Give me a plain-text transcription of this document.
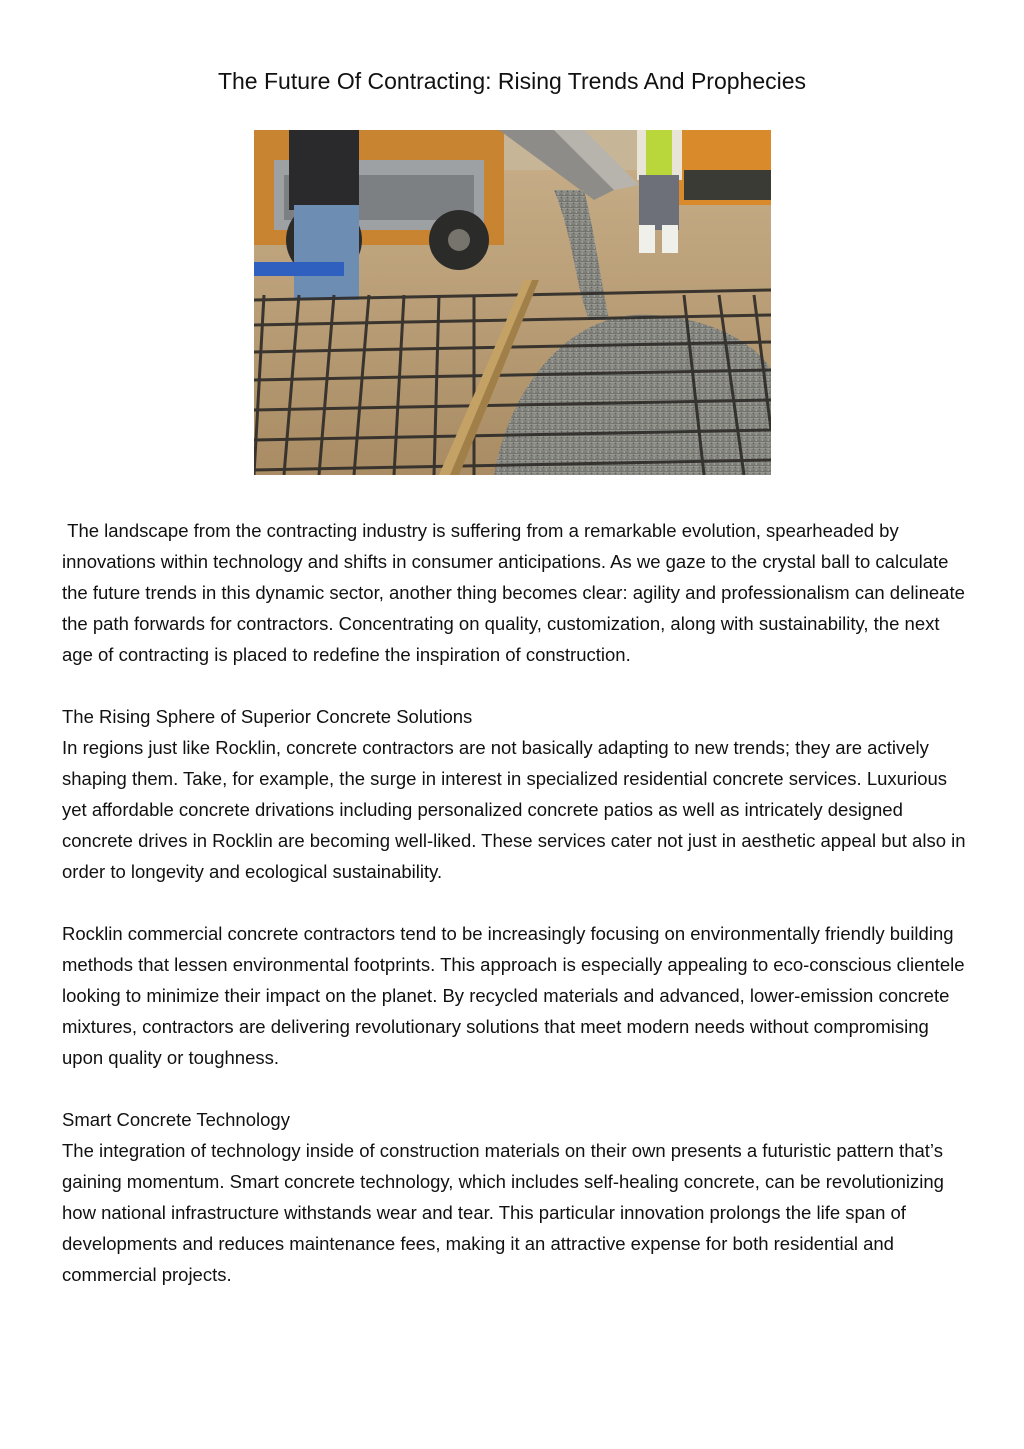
The Future Of Contracting: Rising Trends And Prophecies

The landscape from the contracting industry is suffering from a remarkable evolution, spearheaded by innovations within technology and shifts in consumer anticipations. As we gaze to the crystal ball to calculate the future trends in this dynamic sector, another thing becomes clear: agility and professionalism can delineate the path forwards for contractors. Concentrating on quality, customization, along with sustainability, the next age of contracting is placed to redefine the inspiration of construction.

The Rising Sphere of Superior Concrete Solutions
In regions just like Rocklin, concrete contractors are not basically adapting to new trends; they are actively shaping them. Take, for example, the surge in interest in specialized residential concrete services. Luxurious yet affordable concrete drivations including personalized concrete patios as well as intricately designed concrete drives in Rocklin are becoming well-liked. These services cater not just in aesthetic appeal but also in order to longevity and ecological sustainability.

Rocklin commercial concrete contractors tend to be increasingly focusing on environmentally friendly building methods that lessen environmental footprints. This approach is especially appealing to eco-conscious clientele looking to minimize their impact on the planet. By recycled materials and advanced, lower-emission concrete mixtures, contractors are delivering revolutionary solutions that meet modern needs without compromising upon quality or toughness.

Smart Concrete Technology
The integration of technology inside of construction materials on their own presents a futuristic pattern that’s gaining momentum. Smart concrete technology, which includes self-healing concrete, can be revolutionizing how national infrastructure withstands wear and tear. This particular innovation prolongs the life span of developments and reduces maintenance fees, making it an attractive expense for both residential and commercial projects.
